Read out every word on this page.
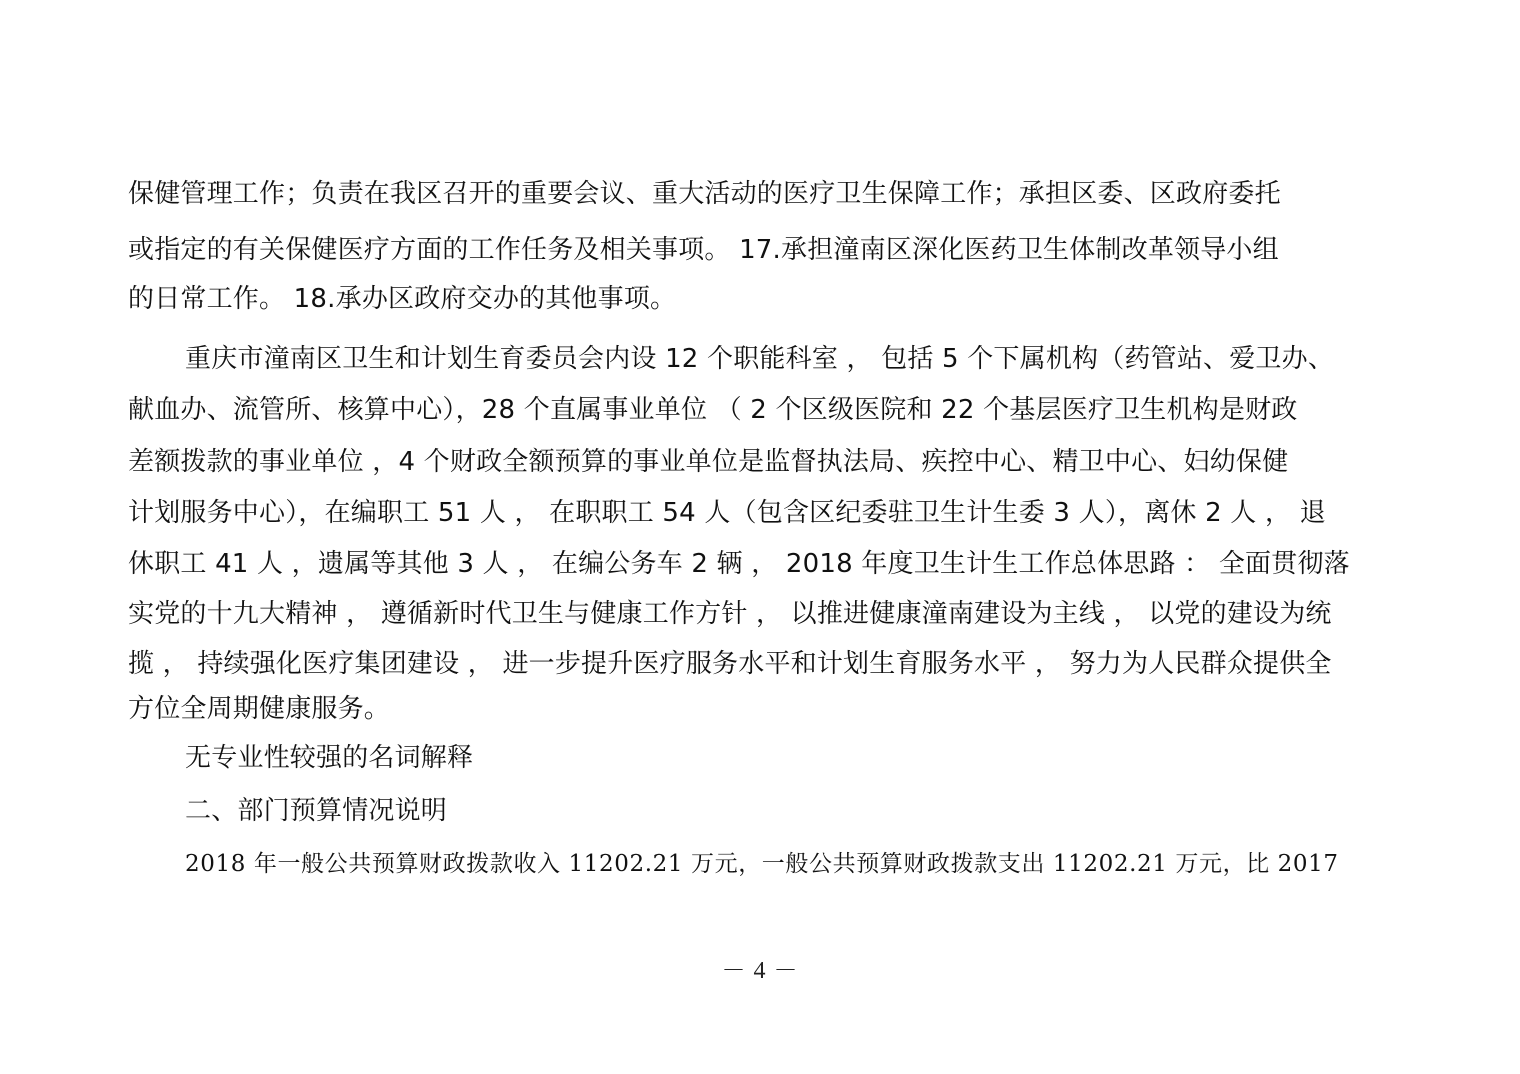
保健管理工作；负责在我区召开的重要会议、重大活动的医疗卫生保障工作；承担区委、区政府委托
或指定的有关保健医疗方面的工作任务及相关事项。 17.承担潼南区深化医药卫生体制改革领导小组
的日常工作。 18.承办区政府交办的其他事项。
重庆市潼南区卫生和计划生育委员会内设 12 个职能科室 ， 包括 5 个下属机构（药管站、爱卫办、
献血办、流管所、核算中心），28 个直属事业单位 （ 2 个区级医院和 22 个基层医疗卫生机构是财政
差额拨款的事业单位 ，4 个财政全额预算的事业单位是监督执法局、疾控中心、精卫中心、妇幼保健
计划服务中心），在编职工 51 人 ， 在职职工 54 人（包含区纪委驻卫生计生委 3 人），离休 2 人 ， 退
休职工 41 人 ，遗属等其他 3 人 ， 在编公务车 2 辆 ， 2018 年度卫生计生工作总体思路 ： 全面贯彻落
实党的十九大精神 ， 遵循新时代卫生与健康工作方针 ， 以推进健康潼南建设为主线 ， 以党的建设为统
揽 ， 持续强化医疗集团建设 ， 进一步提升医疗服务水平和计划生育服务水平 ， 努力为人民群众提供全
方位全周期健康服务。
无专业性较强的名词解释
二、部门预算情况说明
2018 年一般公共预算财政拨款收入 11202.21 万元，一般公共预算财政拨款支出 11202.21 万元，比 2017
－ 4 －
